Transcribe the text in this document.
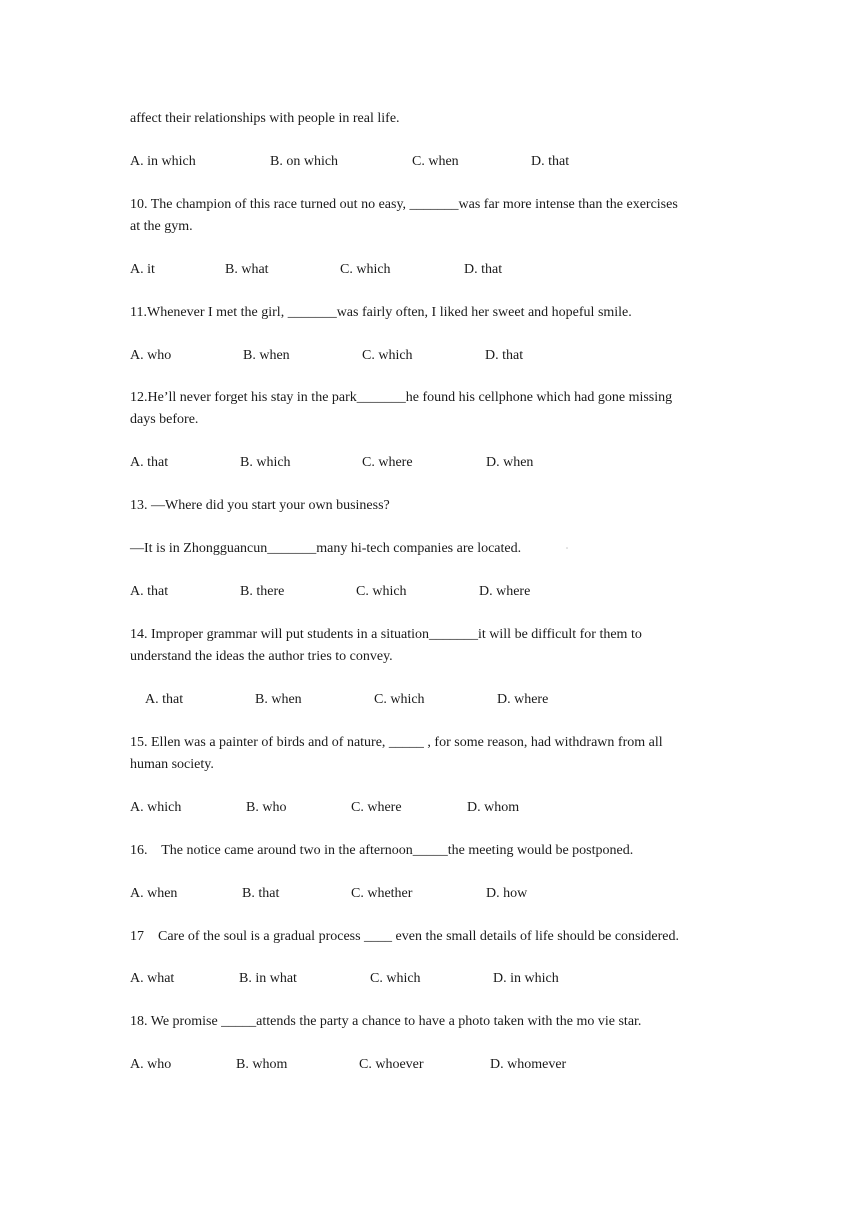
affect their relationships with people in real life.
A. in which	B. on which	C. when	D. that
10. The champion of this race turned out no easy, _______was far more intense than the exercises
at the gym.
A. it	B. what	C. which	D. that
11.Whenever I met the girl, _______was fairly often, I liked her sweet and hopeful smile.
A. who	B. when	C. which	D. that
12.He’ll never forget his stay in the park_______he found his cellphone which had gone missing
days before.
A. that	B. which	C. where	D. when
13. —Where did you start your own business?
—It is in Zhongguancun_______many hi-tech companies are located.	▫
A. that	B. there	C. which	D. where
14. Improper grammar will put students in a situation_______it will be difficult for them to
understand the ideas the author tries to convey.
A. that	B. when	C. which	D. where
15. Ellen was a painter of birds and of nature, _____ , for some reason, had withdrawn from all
human society.
A. which	B. who	C. where	D. whom
16.    The notice came around two in the afternoon_____the meeting would be postponed.
A. when	B. that	C. whether	D. how
17    Care of the soul is a gradual process ____ even the small details of life should be considered.
A. what	B. in what	C. which	D. in which
18. We promise _____attends the party a chance to have a photo taken with the mo vie star.
A. who	B. whom	C. whoever	D. whomever
